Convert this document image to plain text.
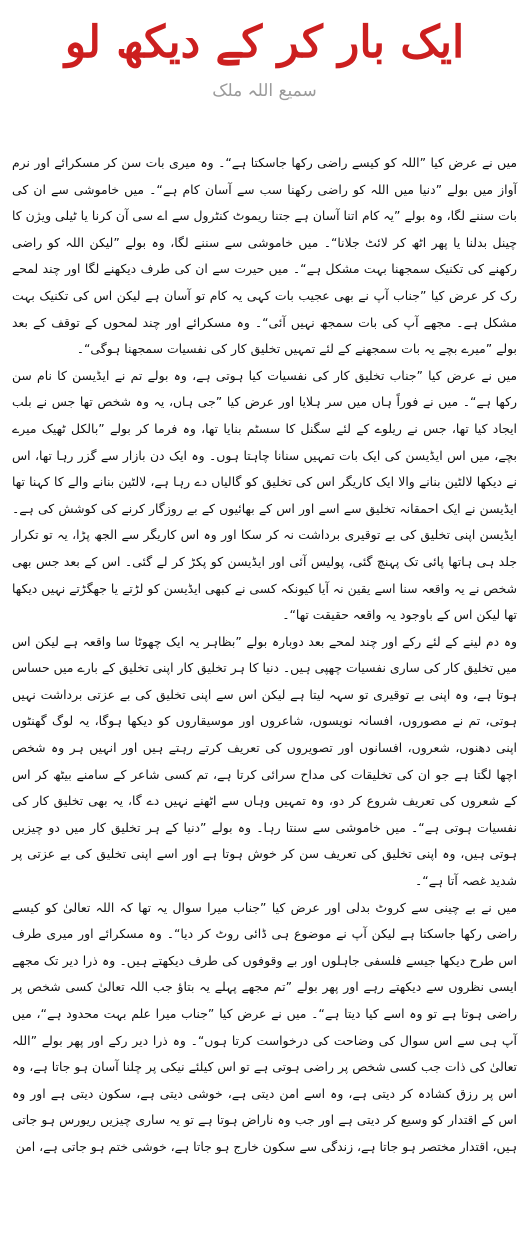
ایک بار کر کے دیکھ لو
سمیع اللہ ملک

میں نے عرض کیا ”اللہ کو کیسے راضی رکھا جاسکتا ہے“۔ وہ میری بات سن کر مسکرائے اور نرم آواز میں بولے ”دنیا میں اللہ کو راضی رکھنا سب سے آسان کام ہے“۔ میں خاموشی سے ان کی بات سننے لگا، وہ بولے ”یہ کام اتنا آسان ہے جتنا ریموٹ کنٹرول سے اے سی آن کرنا یا ٹیلی ویژن کا چینل بدلنا یا پھر اٹھ کر لائٹ جلانا“۔ میں خاموشی سے سننے لگا، وہ بولے ”لیکن اللہ کو راضی رکھنے کی تکنیک سمجھنا بہت مشکل ہے“۔ میں حیرت سے ان کی طرف دیکھنے لگا اور چند لمحے رک کر عرض کیا ”جناب آپ نے بھی عجیب بات کہی یہ کام تو آسان ہے لیکن اس کی تکنیک بہت مشکل ہے۔ مجھے آپ کی بات سمجھ نہیں آئی“۔ وہ مسکرائے اور چند لمحوں کے توقف کے بعد بولے ”میرے بچے یہ بات سمجھنے کے لئے تمہیں تخلیق کار کی نفسیات سمجھنا ہوگی“۔

میں نے عرض کیا ”جناب تخلیق کار کی نفسیات کیا ہوتی ہے، وہ بولے تم نے ایڈیسن کا نام سن رکھا ہے“۔ میں نے فوراً ہاں میں سر ہلایا اور عرض کیا ”جی ہاں، یہ وہ شخص تھا جس نے بلب ایجاد کیا تھا، جس نے ریلوے کے لئے سگنل کا سسٹم بنایا تھا، وہ فرما کر بولے ”بالکل ٹھیک میرے بچے، میں اس ایڈیسن کی ایک بات تمہیں سنانا چاہتا ہوں۔ وہ ایک دن بازار سے گزر رہا تھا، اس نے دیکھا لالٹین بنانے والا ایک کاریگر اس کی تخلیق کو گالیاں دے رہا ہے، لالٹین بنانے والے کا کہنا تھا ایڈیسن نے ایک احمقانہ تخلیق سے اسے اور اس کے بھائیوں کے بے روزگار کرنے کی کوشش کی ہے۔ ایڈیسن اپنی تخلیق کی بے توقیری برداشت نہ کر سکا اور وہ اس کاریگر سے الجھ پڑا، یہ تو تکرار جلد ہی ہاتھا پائی تک پہنچ گئی، پولیس آئی اور ایڈیسن کو پکڑ کر لے گئی۔ اس کے بعد جس بھی شخص نے یہ واقعہ سنا اسے یقین نہ آیا کیونکہ کسی نے کبھی ایڈیسن کو لڑتے یا جھگڑتے نہیں دیکھا تھا لیکن اس کے باوجود یہ واقعہ حقیقت تھا“۔

وہ دم لینے کے لئے رکے اور چند لمحے بعد دوبارہ بولے ”بظاہر یہ ایک چھوٹا سا واقعہ ہے لیکن اس میں تخلیق کار کی ساری نفسیات چھپی ہیں۔ دنیا کا ہر تخلیق کار اپنی تخلیق کے بارے میں حساس ہوتا ہے، وہ اپنی بے توقیری تو سہہ لیتا ہے لیکن اس سے اپنی تخلیق کی بے عزتی برداشت نہیں ہوتی، تم نے مصوروں، افسانہ نویسوں، شاعروں اور موسیقاروں کو دیکھا ہوگا، یہ لوگ گھنٹوں اپنی دھنوں، شعروں، افسانوں اور تصویروں کی تعریف کرتے رہتے ہیں اور انہیں ہر وہ شخص اچھا لگتا ہے جو ان کی تخلیقات کی مداح سرائی کرتا ہے، تم کسی شاعر کے سامنے بیٹھ کر اس کے شعروں کی تعریف شروع کر دو، وہ تمہیں وہاں سے اٹھنے نہیں دے گا، یہ بھی تخلیق کار کی نفسیات ہوتی ہے“۔ میں خاموشی سے سنتا رہا۔ وہ بولے ”دنیا کے ہر تخلیق کار میں دو چیزیں ہوتی ہیں، وہ اپنی تخلیق کی تعریف سن کر خوش ہوتا ہے اور اسے اپنی تخلیق کی بے عزتی پر شدید غصہ آتا ہے“۔

میں نے بے چینی سے کروٹ بدلی اور عرض کیا ”جناب میرا سوال یہ تھا کہ اللہ تعالیٰ کو کیسے راضی رکھا جاسکتا ہے لیکن آپ نے موضوع ہی ڈائی روٹ کر دیا“۔ وہ مسکرائے اور میری طرف اس طرح دیکھا جیسے فلسفی جاہلوں اور بے وقوفوں کی طرف دیکھتے ہیں۔ وہ ذرا دیر تک مجھے ایسی نظروں سے دیکھتے رہے اور پھر بولے ”تم مجھے پہلے یہ بتاؤ جب اللہ تعالیٰ کسی شخص پر راضی ہوتا ہے تو وہ اسے کیا دیتا ہے“۔ میں نے عرض کیا ”جناب میرا علم بہت محدود ہے“، میں آپ ہی سے اس سوال کی وضاحت کی درخواست کرتا ہوں“۔ وہ ذرا دیر رکے اور پھر بولے ”اللہ تعالیٰ کی ذات جب کسی شخص پر راضی ہوتی ہے تو اس کیلئے نیکی پر چلنا آسان ہو جاتا ہے، وہ اس پر رزق کشادہ کر دیتی ہے، وہ اسے امن دیتی ہے، خوشی دیتی ہے، سکون دیتی ہے اور وہ اس کے اقتدار کو وسیع کر دیتی ہے اور جب وہ ناراض ہوتا ہے تو یہ ساری چیزیں ریورس ہو جاتی ہیں، اقتدار مختصر ہو جاتا ہے، زندگی سے سکون خارج ہو جاتا ہے، خوشی ختم ہو جاتی ہے، امن
